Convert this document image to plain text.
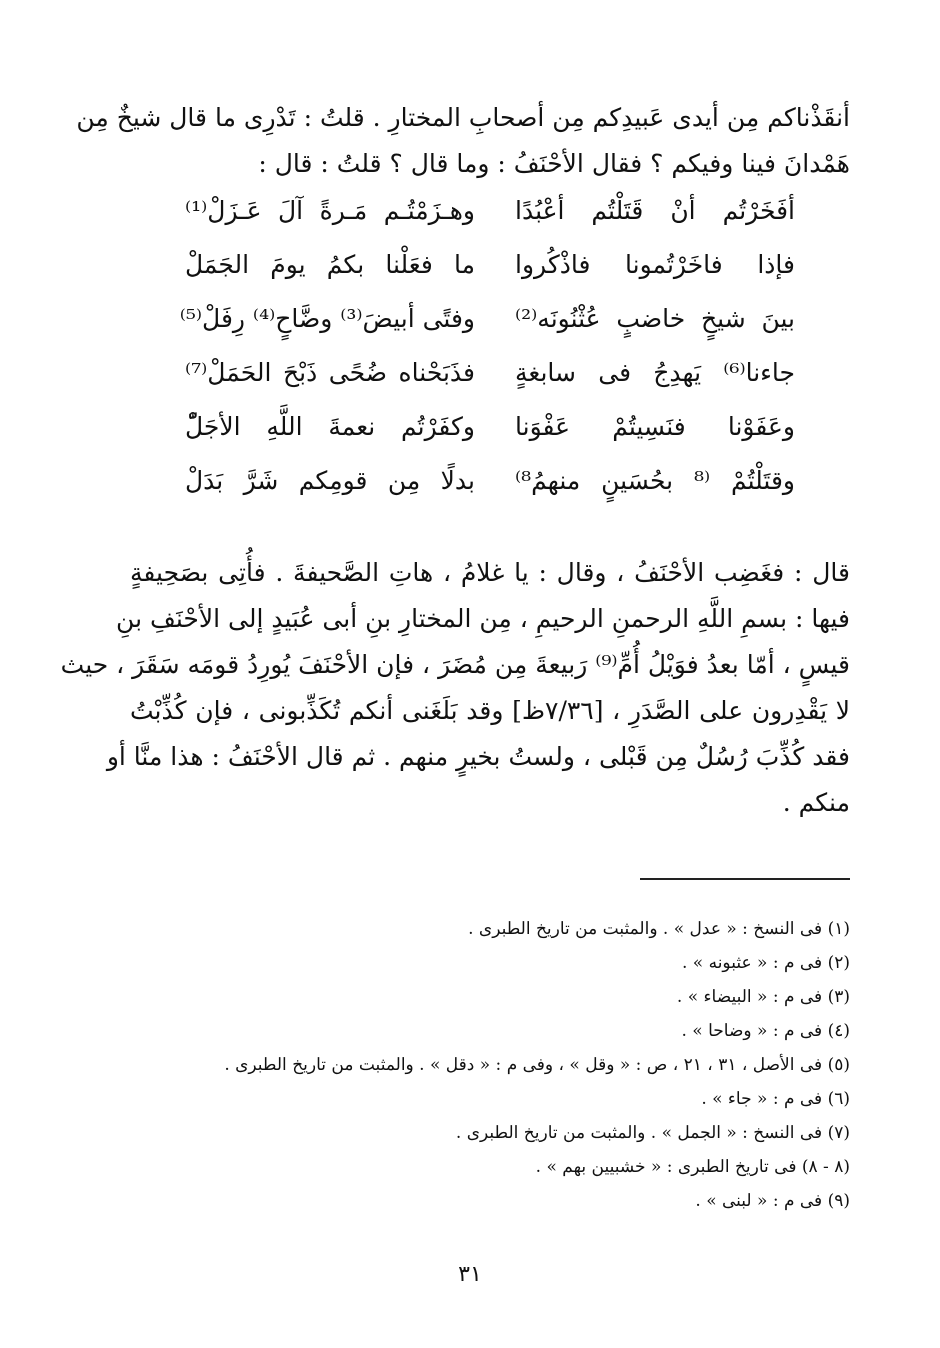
أنقَذْناكم مِن أيدى عَبيدِكم مِن أصحابِ المختارِ . قلتُ : تَدْرِى ما قال شيخٌ مِن
هَمْدانَ فينا وفيكم ؟ فقال الأحْنَفُ : وما قال ؟ قلتُ : قال :
أفَخَرْتُم أنْ قَتَلْتُم أعْبُدًا
وهـزَمْتُـم مَـرةً آلَ عَـزَلْ⁽¹⁾
فإذا فاخَرْتُمونا فاذْكُروا
ما فعَلْنا بكمُ يومَ الجَمَلْ
بينَ شيخٍ خاضبٍ عُثْنُونَه⁽²⁾
وفتًى أبيضَ⁽³⁾ وضَّاحٍ⁽⁴⁾ رِفَلْ⁽⁵⁾
جاءنا⁽⁶⁾ يَهدِجُ فى سابغةٍ
فذَبَحْناه ضُحًى ذَبْحَ الحَمَلْ⁽⁷⁾
وعَفَوْنا فنَسِيتُمْ عَفْوَنا
وكفَرْتُم نعمةَ اللَّهِ الأجَلّْ
وقتَلْتُمْ ⁽⁸ بحُسَينٍ منهمُ⁸⁾
بدلًا مِن قومِكم شَرَّ بَدَلْ
قال : فغَضِب الأحْنَفُ ، وقال : يا غلامُ ، هاتِ الصَّحيفةَ . فأُتِى بصَحِيفةٍ
فيها : بسمِ اللَّهِ الرحمنِ الرحيمِ ، مِن المختارِ بنِ أبى عُبَيدٍ إلى الأحْنَفِ بنِ
قيسٍ ، أمّا بعدُ فوَيْلُ أُمِّ⁽⁹⁾ رَبيعةَ مِن مُضَرَ ، فإن الأحْنَفَ يُورِدُ قومَه سَقَرَ ، حيث
لا يَقْدِرون على الصَّدَرِ ، [٧/٣٦ظ] وقد بَلَغَنى أنكم تُكَذِّبونى ، فإن كُذِّبْتُ
فقد كُذِّبَ رُسُلٌ مِن قَبْلى ، ولستُ بخيرٍ منهم . ثم قال الأحْنَفُ : هذا منَّا أو
منكم .
(١) فى النسخ : « عدل » . والمثبت من تاريخ الطبرى .
(٢) فى م : « عثبونه » .
(٣) فى م : « البيضاء » .
(٤) فى م : « وضاحا » .
(٥) فى الأصل ، ٣١ ، ٢١ ، ص : « وقل » ، وفى م : « دقل » . والمثبت من تاريخ الطبرى .
(٦) فى م : « جاء » .
(٧) فى النسخ : « الجمل » . والمثبت من تاريخ الطبرى .
(٨ - ٨) فى تاريخ الطبرى : « خشبيين بهم » .
(٩) فى م : « لبنى » .
٣١
